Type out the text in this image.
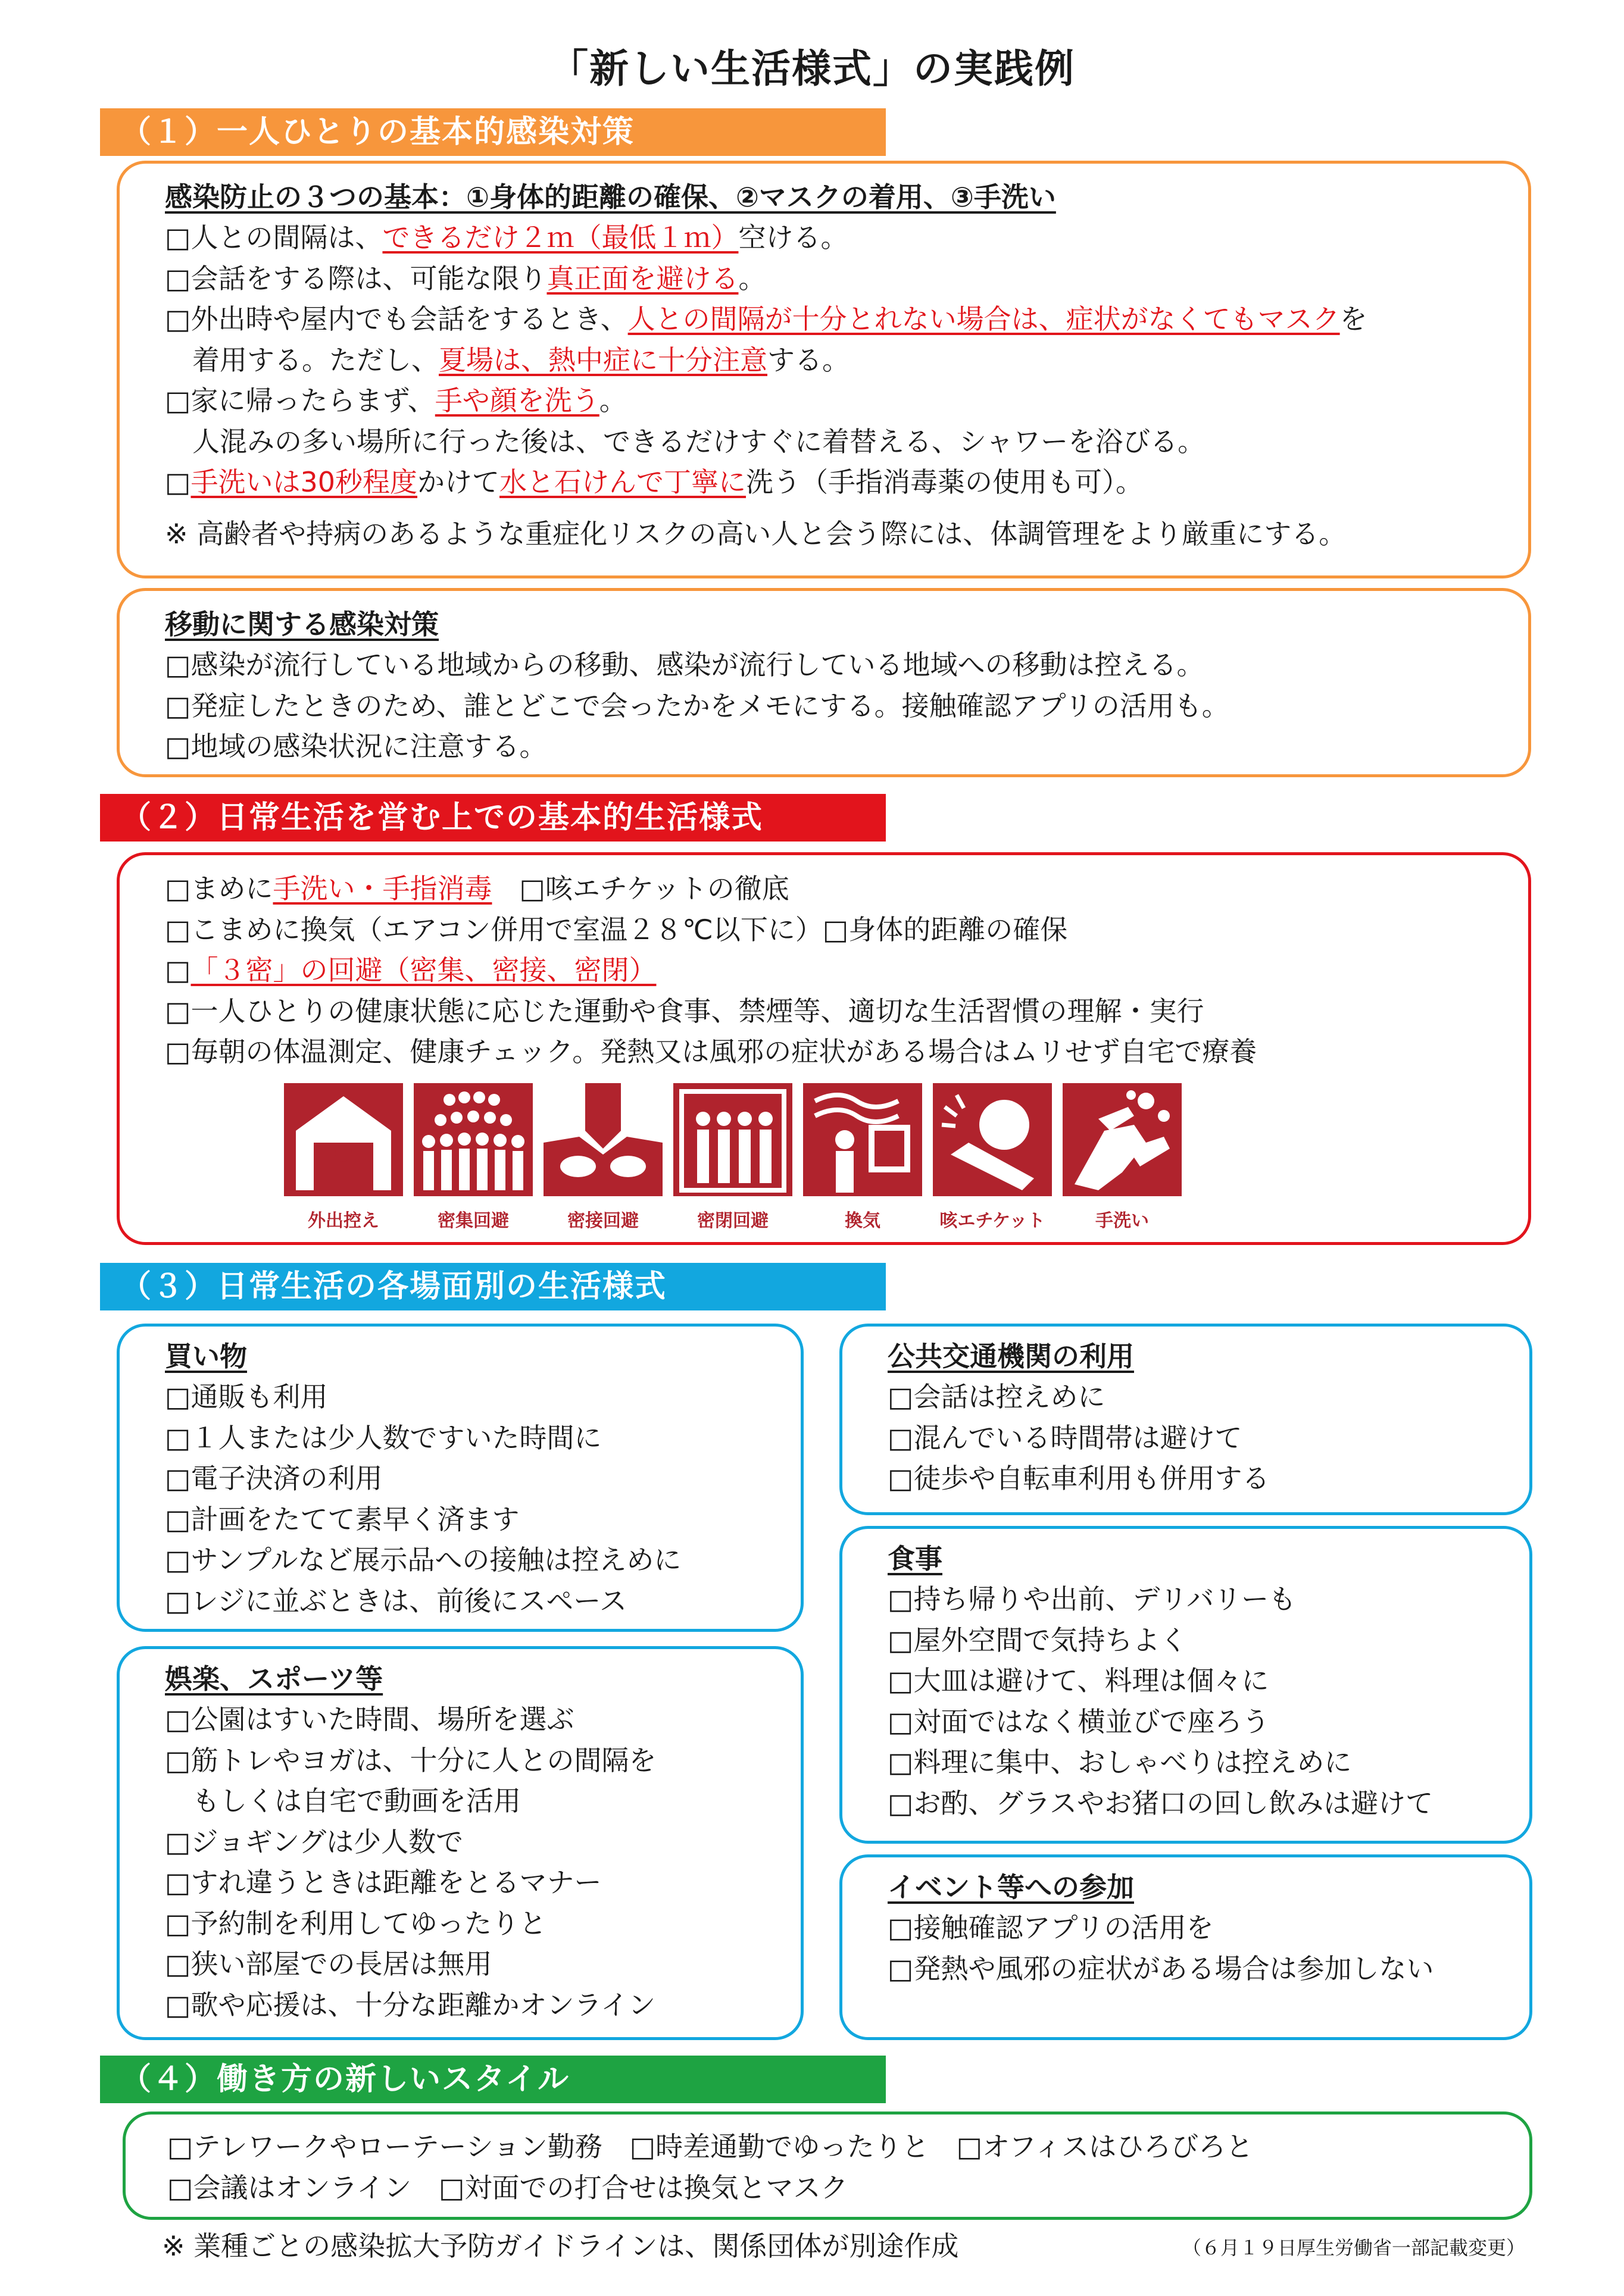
「新しい生活様式」の実践例
（１）一人ひとりの基本的感染対策
感染防止の３つの基本：①身体的距離の確保、②マスクの着用、③手洗い
□人との間隔は、できるだけ２ｍ（最低１ｍ）空ける。
□会話をする際は、可能な限り真正面を避ける。
□外出時や屋内でも会話をするとき、人との間隔が十分とれない場合は、症状がなくてもマスクを
着用する。ただし、夏場は、熱中症に十分注意する。
□家に帰ったらまず、手や顔を洗う。
人混みの多い場所に行った後は、できるだけすぐに着替える、シャワーを浴びる。
□手洗いは30秒程度かけて水と石けんで丁寧に洗う（手指消毒薬の使用も可）。
※ 高齢者や持病のあるような重症化リスクの高い人と会う際には、体調管理をより厳重にする。
移動に関する感染対策
□感染が流行している地域からの移動、感染が流行している地域への移動は控える。
□発症したときのため、誰とどこで会ったかをメモにする。接触確認アプリの活用も。
□地域の感染状況に注意する。
（２）日常生活を営む上での基本的生活様式
□まめに手洗い・手指消毒　□咳エチケットの徹底
□こまめに換気（エアコン併用で室温２８℃以下に）□身体的距離の確保
□「３密」の回避（密集、密接、密閉）
□一人ひとりの健康状態に応じた運動や食事、禁煙等、適切な生活習慣の理解・実行
□毎朝の体温測定、健康チェック。発熱又は風邪の症状がある場合はムリせず自宅で療養
外出控え	密集回避	密接回避	密閉回避	換気	咳エチケット	手洗い
（３）日常生活の各場面別の生活様式
買い物
□通販も利用
□１人または少人数ですいた時間に
□電子決済の利用
□計画をたてて素早く済ます
□サンプルなど展示品への接触は控えめに
□レジに並ぶときは、前後にスペース
娯楽、スポーツ等
□公園はすいた時間、場所を選ぶ
□筋トレやヨガは、十分に人との間隔を
　もしくは自宅で動画を活用
□ジョギングは少人数で
□すれ違うときは距離をとるマナー
□予約制を利用してゆったりと
□狭い部屋での長居は無用
□歌や応援は、十分な距離かオンライン
公共交通機関の利用
□会話は控えめに
□混んでいる時間帯は避けて
□徒歩や自転車利用も併用する
食事
□持ち帰りや出前、デリバリーも
□屋外空間で気持ちよく
□大皿は避けて、料理は個々に
□対面ではなく横並びで座ろう
□料理に集中、おしゃべりは控えめに
□お酌、グラスやお猪口の回し飲みは避けて
イベント等への参加
□接触確認アプリの活用を
□発熱や風邪の症状がある場合は参加しない
（４）働き方の新しいスタイル
□テレワークやローテーション勤務　□時差通勤でゆったりと　□オフィスはひろびろと
□会議はオンライン　□対面での打合せは換気とマスク
※ 業種ごとの感染拡大予防ガイドラインは、関係団体が別途作成	（６月１９日厚生労働省一部記載変更）
